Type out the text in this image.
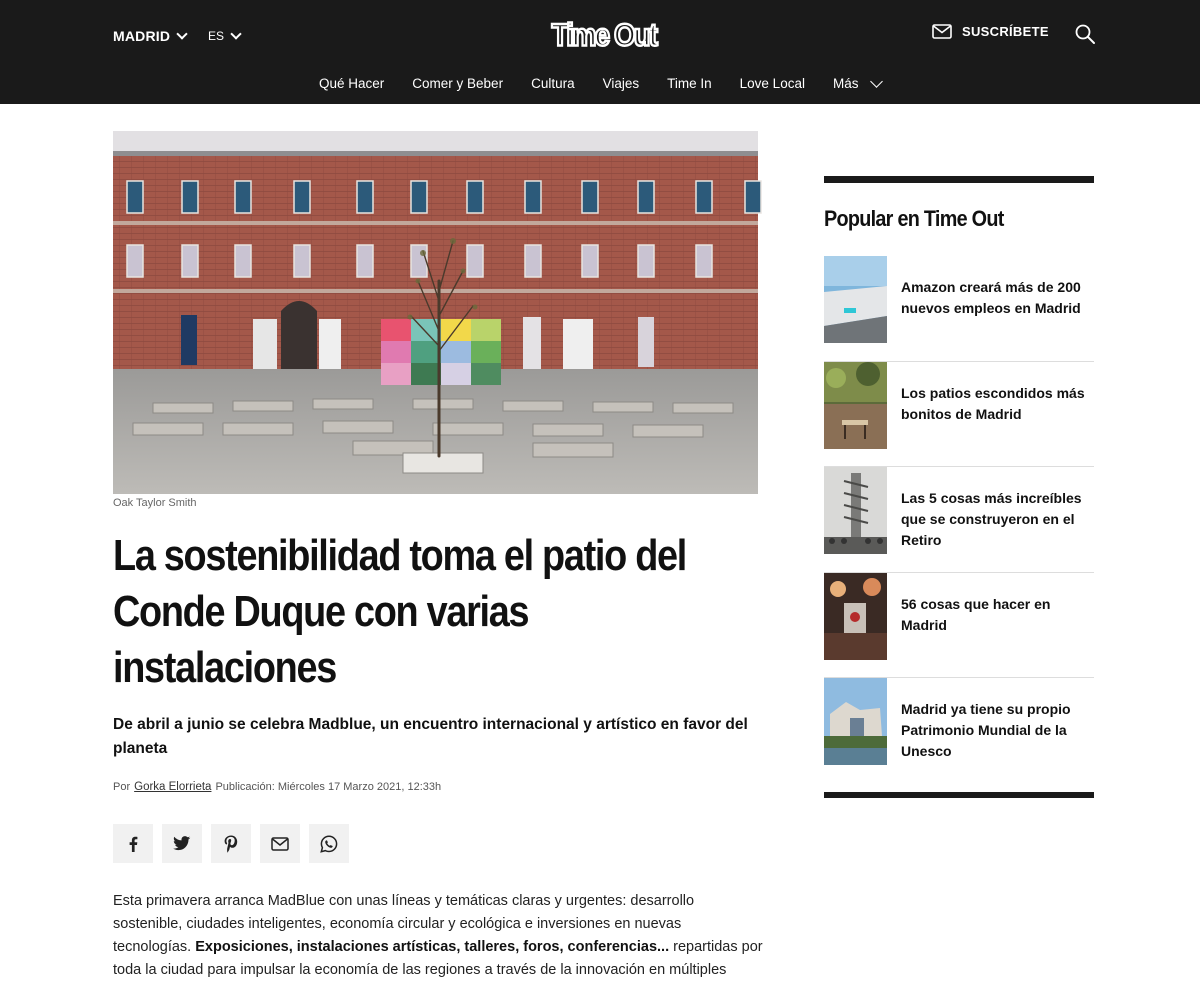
MADRID	ES	Time Out	SUSCRÍBETE
Qué Hacer Comer y Beber Cultura Viajes Time In Love Local Más
Oak Taylor Smith
La sostenibilidad toma el patio del Conde Duque con varias instalaciones

De abril a junio se celebra Madblue, un encuentro internacional y artístico en favor del planeta

Por Gorka Elorrieta Publicación: Miércoles 17 Marzo 2021, 12:33h

Esta primavera arranca MadBlue con unas líneas y temáticas claras y urgentes: desarrollo sostenible, ciudades inteligentes, economía circular y ecológica e inversiones en nuevas tecnologías. Exposiciones, instalaciones artísticas, talleres, foros, conferencias... repartidas por toda la ciudad para impulsar la economía de las regiones a través de la innovación en múltiples

Popular en Time Out
Amazon creará más de 200 nuevos empleos en Madrid
Los patios escondidos más bonitos de Madrid
Las 5 cosas más increíbles que se construyeron en el Retiro
56 cosas que hacer en Madrid
Madrid ya tiene su propio Patrimonio Mundial de la Unesco
